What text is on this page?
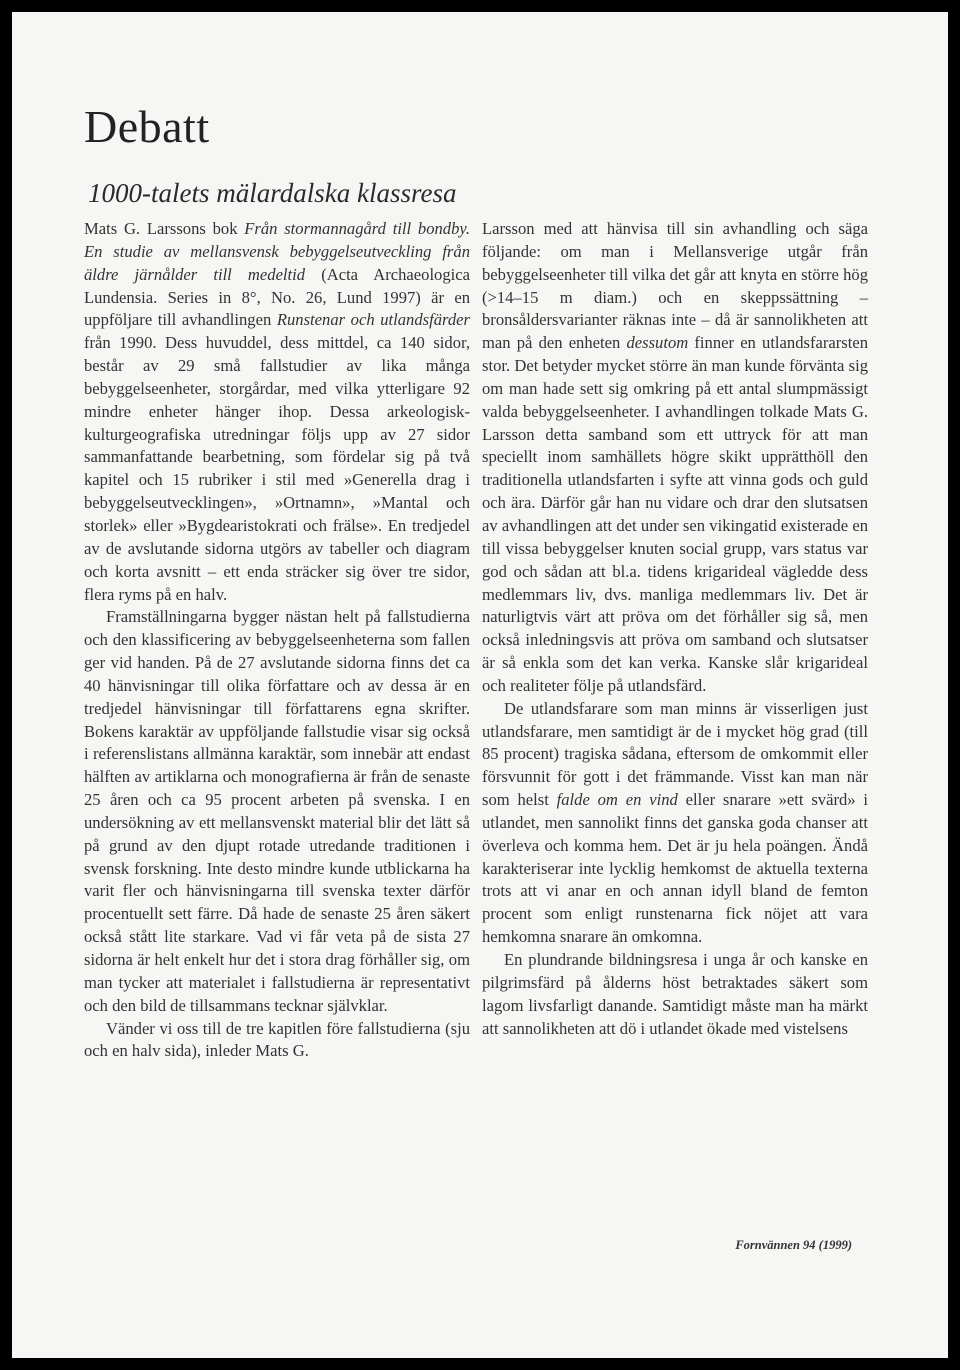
Debatt
1000-talets mälardalska klassresa

Mats G. Larssons bok Från stormannagård till bondby. En studie av mellansvensk bebyggelseutveckling från äldre järnålder till medeltid (Acta Archaeologica Lundensia. Series in 8°, No. 26, Lund 1997) är en uppföljare till avhandlingen Runstenar och utlandsfärder från 1990. Dess huvuddel, dess mittdel, ca 140 sidor, består av 29 små fallstudier av lika många bebyggelseenheter, storgårdar, med vilka ytterligare 92 mindre enheter hänger ihop. Dessa arkeologisk-kulturgeografiska utredningar följs upp av 27 sidor sammanfattande bearbetning, som fördelar sig på två kapitel och 15 rubriker i stil med »Generella drag i bebyggelseutvecklingen», »Ortnamn», »Mantal och storlek» eller »Bygdearistokrati och frälse». En tredjedel av de avslutande sidorna utgörs av tabeller och diagram och korta avsnitt – ett enda sträcker sig över tre sidor, flera ryms på en halv.

Framställningarna bygger nästan helt på fallstudierna och den klassificering av bebyggelseenheterna som fallen ger vid handen. På de 27 avslutande sidorna finns det ca 40 hänvisningar till olika författare och av dessa är en tredjedel hänvisningar till författarens egna skrifter. Bokens karaktär av uppföljande fallstudie visar sig också i referenslistans allmänna karaktär, som innebär att endast hälften av artiklarna och monografierna är från de senaste 25 åren och ca 95 procent arbeten på svenska. I en undersökning av ett mellansvenskt material blir det lätt så på grund av den djupt rotade utredande traditionen i svensk forskning. Inte desto mindre kunde utblickarna ha varit fler och hänvisningarna till svenska texter därför procentuellt sett färre. Då hade de senaste 25 åren säkert också stått lite starkare. Vad vi får veta på de sista 27 sidorna är helt enkelt hur det i stora drag förhåller sig, om man tycker att materialet i fallstudierna är representativt och den bild de tillsammans tecknar självklar.

Vänder vi oss till de tre kapitlen före fallstudierna (sju och en halv sida), inleder Mats G.

Larsson med att hänvisa till sin avhandling och säga följande: om man i Mellansverige utgår från bebyggelseenheter till vilka det går att knyta en större hög (>14–15 m diam.) och en skeppssättning – bronsåldersvarianter räknas inte – då är sannolikheten att man på den enheten dessutom finner en utlandsfararsten stor. Det betyder mycket större än man kunde förvänta sig om man hade sett sig omkring på ett antal slumpmässigt valda bebyggelseenheter. I avhandlingen tolkade Mats G. Larsson detta samband som ett uttryck för att man speciellt inom samhällets högre skikt upprätthöll den traditionella utlandsfarten i syfte att vinna gods och guld och ära. Därför går han nu vidare och drar den slutsatsen av avhandlingen att det under sen vikingatid existerade en till vissa bebyggelser knuten social grupp, vars status var god och sådan att bl.a. tidens krigarideal vägledde dess medlemmars liv, dvs. manliga medlemmars liv. Det är naturligtvis värt att pröva om det förhåller sig så, men också inledningsvis att pröva om samband och slutsatser är så enkla som det kan verka. Kanske slår krigarideal och realiteter följe på utlandsfärd.

De utlandsfarare som man minns är visserligen just utlandsfarare, men samtidigt är de i mycket hög grad (till 85 procent) tragiska sådana, eftersom de omkommit eller försvunnit för gott i det främmande. Visst kan man när som helst falde om en vind eller snarare »ett svärd» i utlandet, men sannolikt finns det ganska goda chanser att överleva och komma hem. Det är ju hela poängen. Ändå karakteriserar inte lycklig hemkomst de aktuella texterna trots att vi anar en och annan idyll bland de femton procent som enligt runstenarna fick nöjet att vara hemkomna snarare än omkomna.

En plundrande bildningsresa i unga år och kanske en pilgrimsfärd på ålderns höst betraktades säkert som lagom livsfarligt danande. Samtidigt måste man ha märkt att sannolikheten att dö i utlandet ökade med vistelsens

Fornvännen 94 (1999)
